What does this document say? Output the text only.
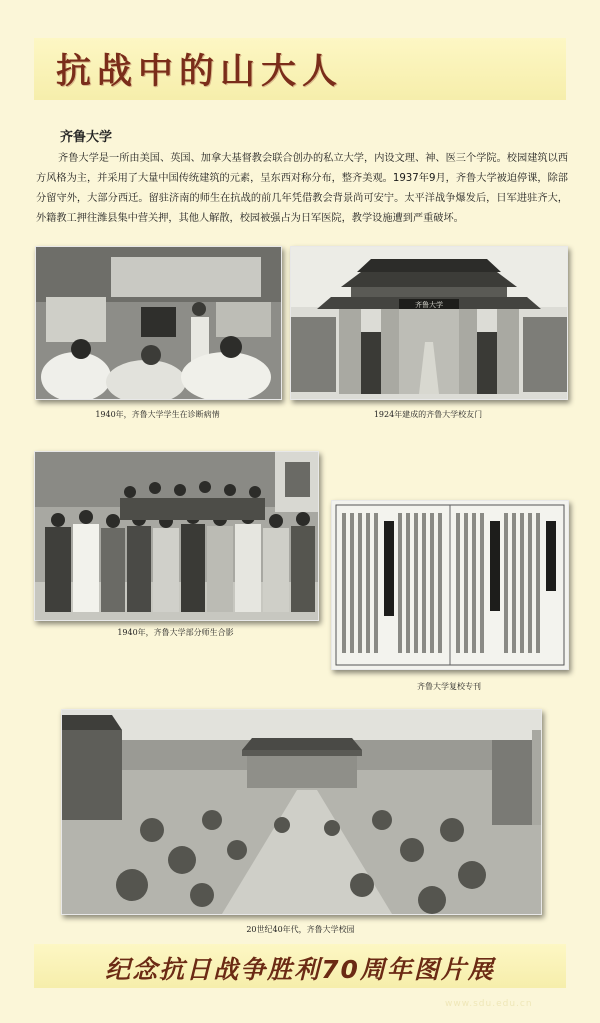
抗战中的山大人
齐鲁大学

齐鲁大学是一所由美国、英国、加拿大基督教会联合创办的私立大学，内设文理、神、医三个学院。校园建筑以西方风格为主，并采用了大量中国传统建筑的元素，呈东西对称分布，整齐美观。1937年9月，齐鲁大学被迫停课，除部分留守外，大部分西迁。留驻济南的师生在抗战的前几年凭借教会背景尚可安宁。太平洋战争爆发后，日军进驻齐大，外籍教工押往潍县集中营关押，其他人解散，校园被强占为日军医院，教学设施遭到严重破坏。

1940年，齐鲁大学学生在诊断病情
齐鲁大学
1924年建成的齐鲁大学校友门
1940年，齐鲁大学部分师生合影
齐鲁大学复校专刊
20世纪40年代，齐鲁大学校园
纪念抗日战争胜利70周年图片展
www.sdu.edu.cn
